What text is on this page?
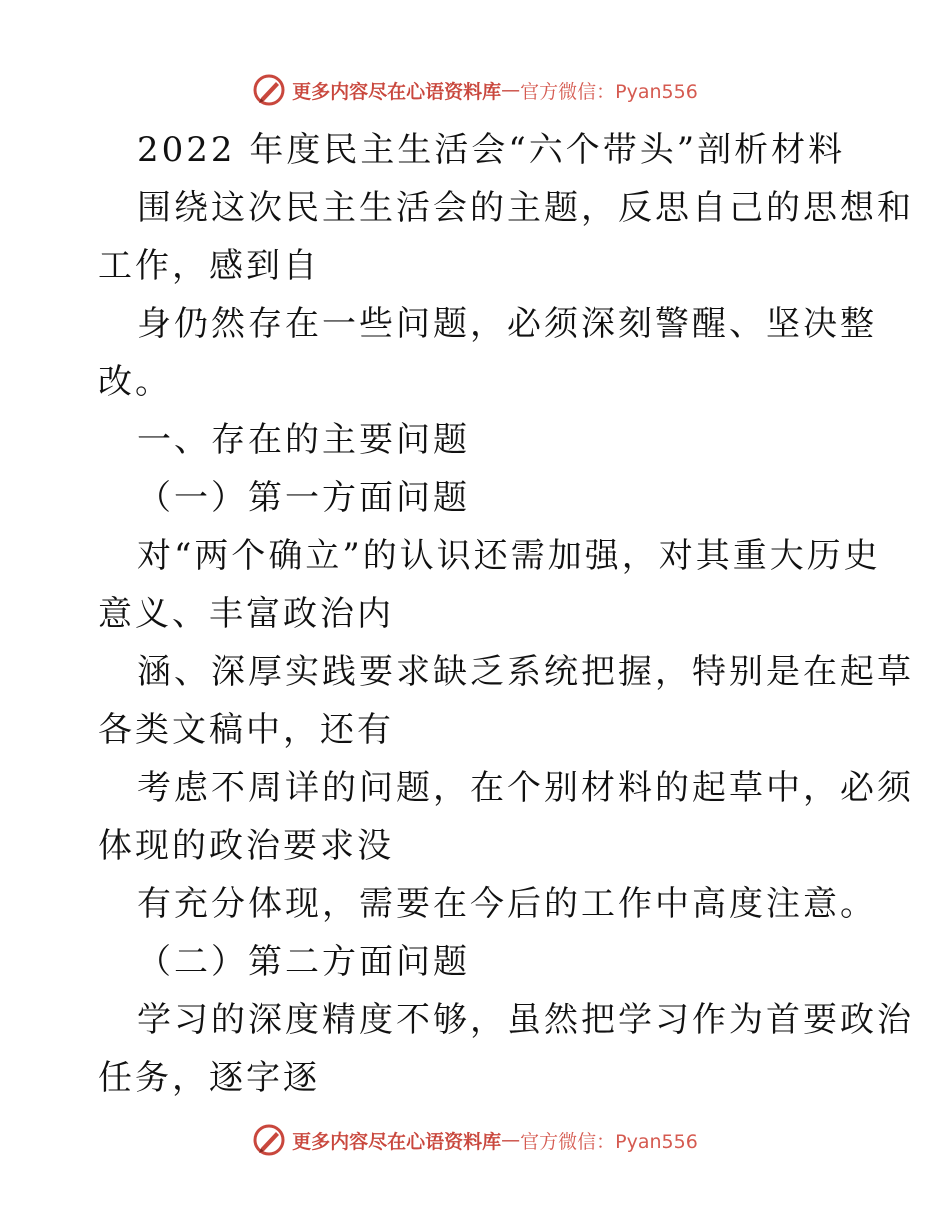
更多内容尽在心语资料库 — 官方微信：Pyan556
2022 年度民主生活会“六个带头”剖析材料
围绕这次民主生活会的主题，反思自己的思想和
工作，感到自
身仍然存在一些问题，必须深刻警醒、坚决整
改。
一、存在的主要问题
（一）第一方面问题
对“两个确立”的认识还需加强，对其重大历史
意义、丰富政治内
涵、深厚实践要求缺乏系统把握，特别是在起草
各类文稿中，还有
考虑不周详的问题，在个别材料的起草中，必须
体现的政治要求没
有充分体现，需要在今后的工作中高度注意。
（二）第二方面问题
学习的深度精度不够，虽然把学习作为首要政治
任务，逐字逐
更多内容尽在心语资料库 — 官方微信：Pyan556
